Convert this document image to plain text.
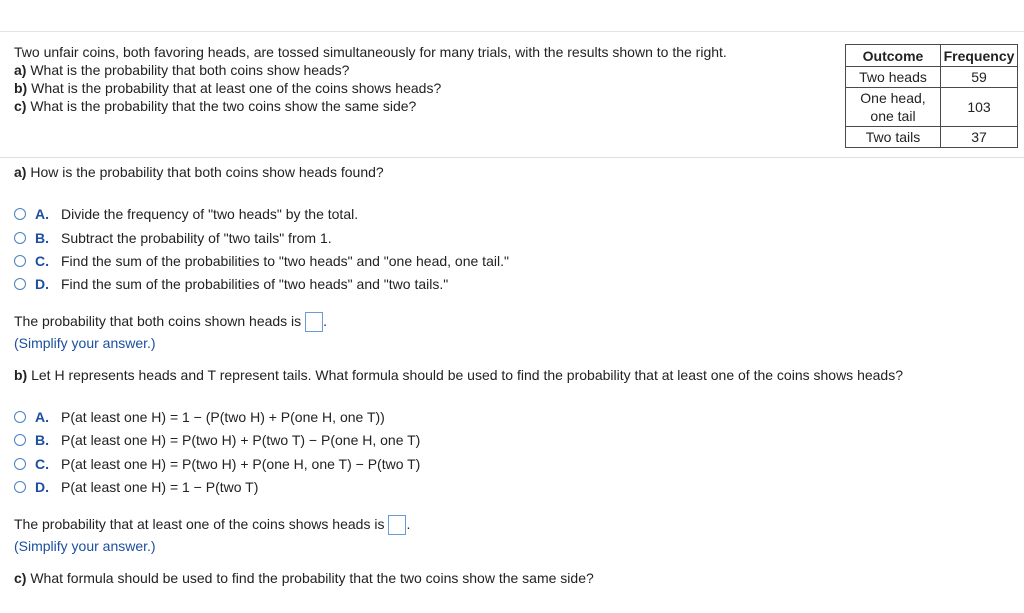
Two unfair coins, both favoring heads, are tossed simultaneously for many trials, with the results shown to the right.
a) What is the probability that both coins show heads?
b) What is the probability that at least one of the coins shows heads?
c) What is the probability that the two coins show the same side?
Outcome	Frequency
Two heads	59

One head,
one tail	103
Two tails	37
a) How is the probability that both coins show heads found?
A. Divide the frequency of "two heads" by the total.
B. Subtract the probability of "two tails" from 1.
C. Find the sum of the probabilities to "two heads" and "one head, one tail."
D. Find the sum of the probabilities of "two heads" and "two tails."
The probability that both coins shown heads is .
(Simplify your answer.)
b) Let H represents heads and T represent tails. What formula should be used to find the probability that at least one of the coins shows heads?
A. P(at least one H) = 1 − (P(two H) + P(one H, one T))
B. P(at least one H) = P(two H) + P(two T) − P(one H, one T)
C. P(at least one H) = P(two H) + P(one H, one T) − P(two T)
D. P(at least one H) = 1 − P(two T)
The probability that at least one of the coins shows heads is .
(Simplify your answer.)
c) What formula should be used to find the probability that the two coins show the same side?
